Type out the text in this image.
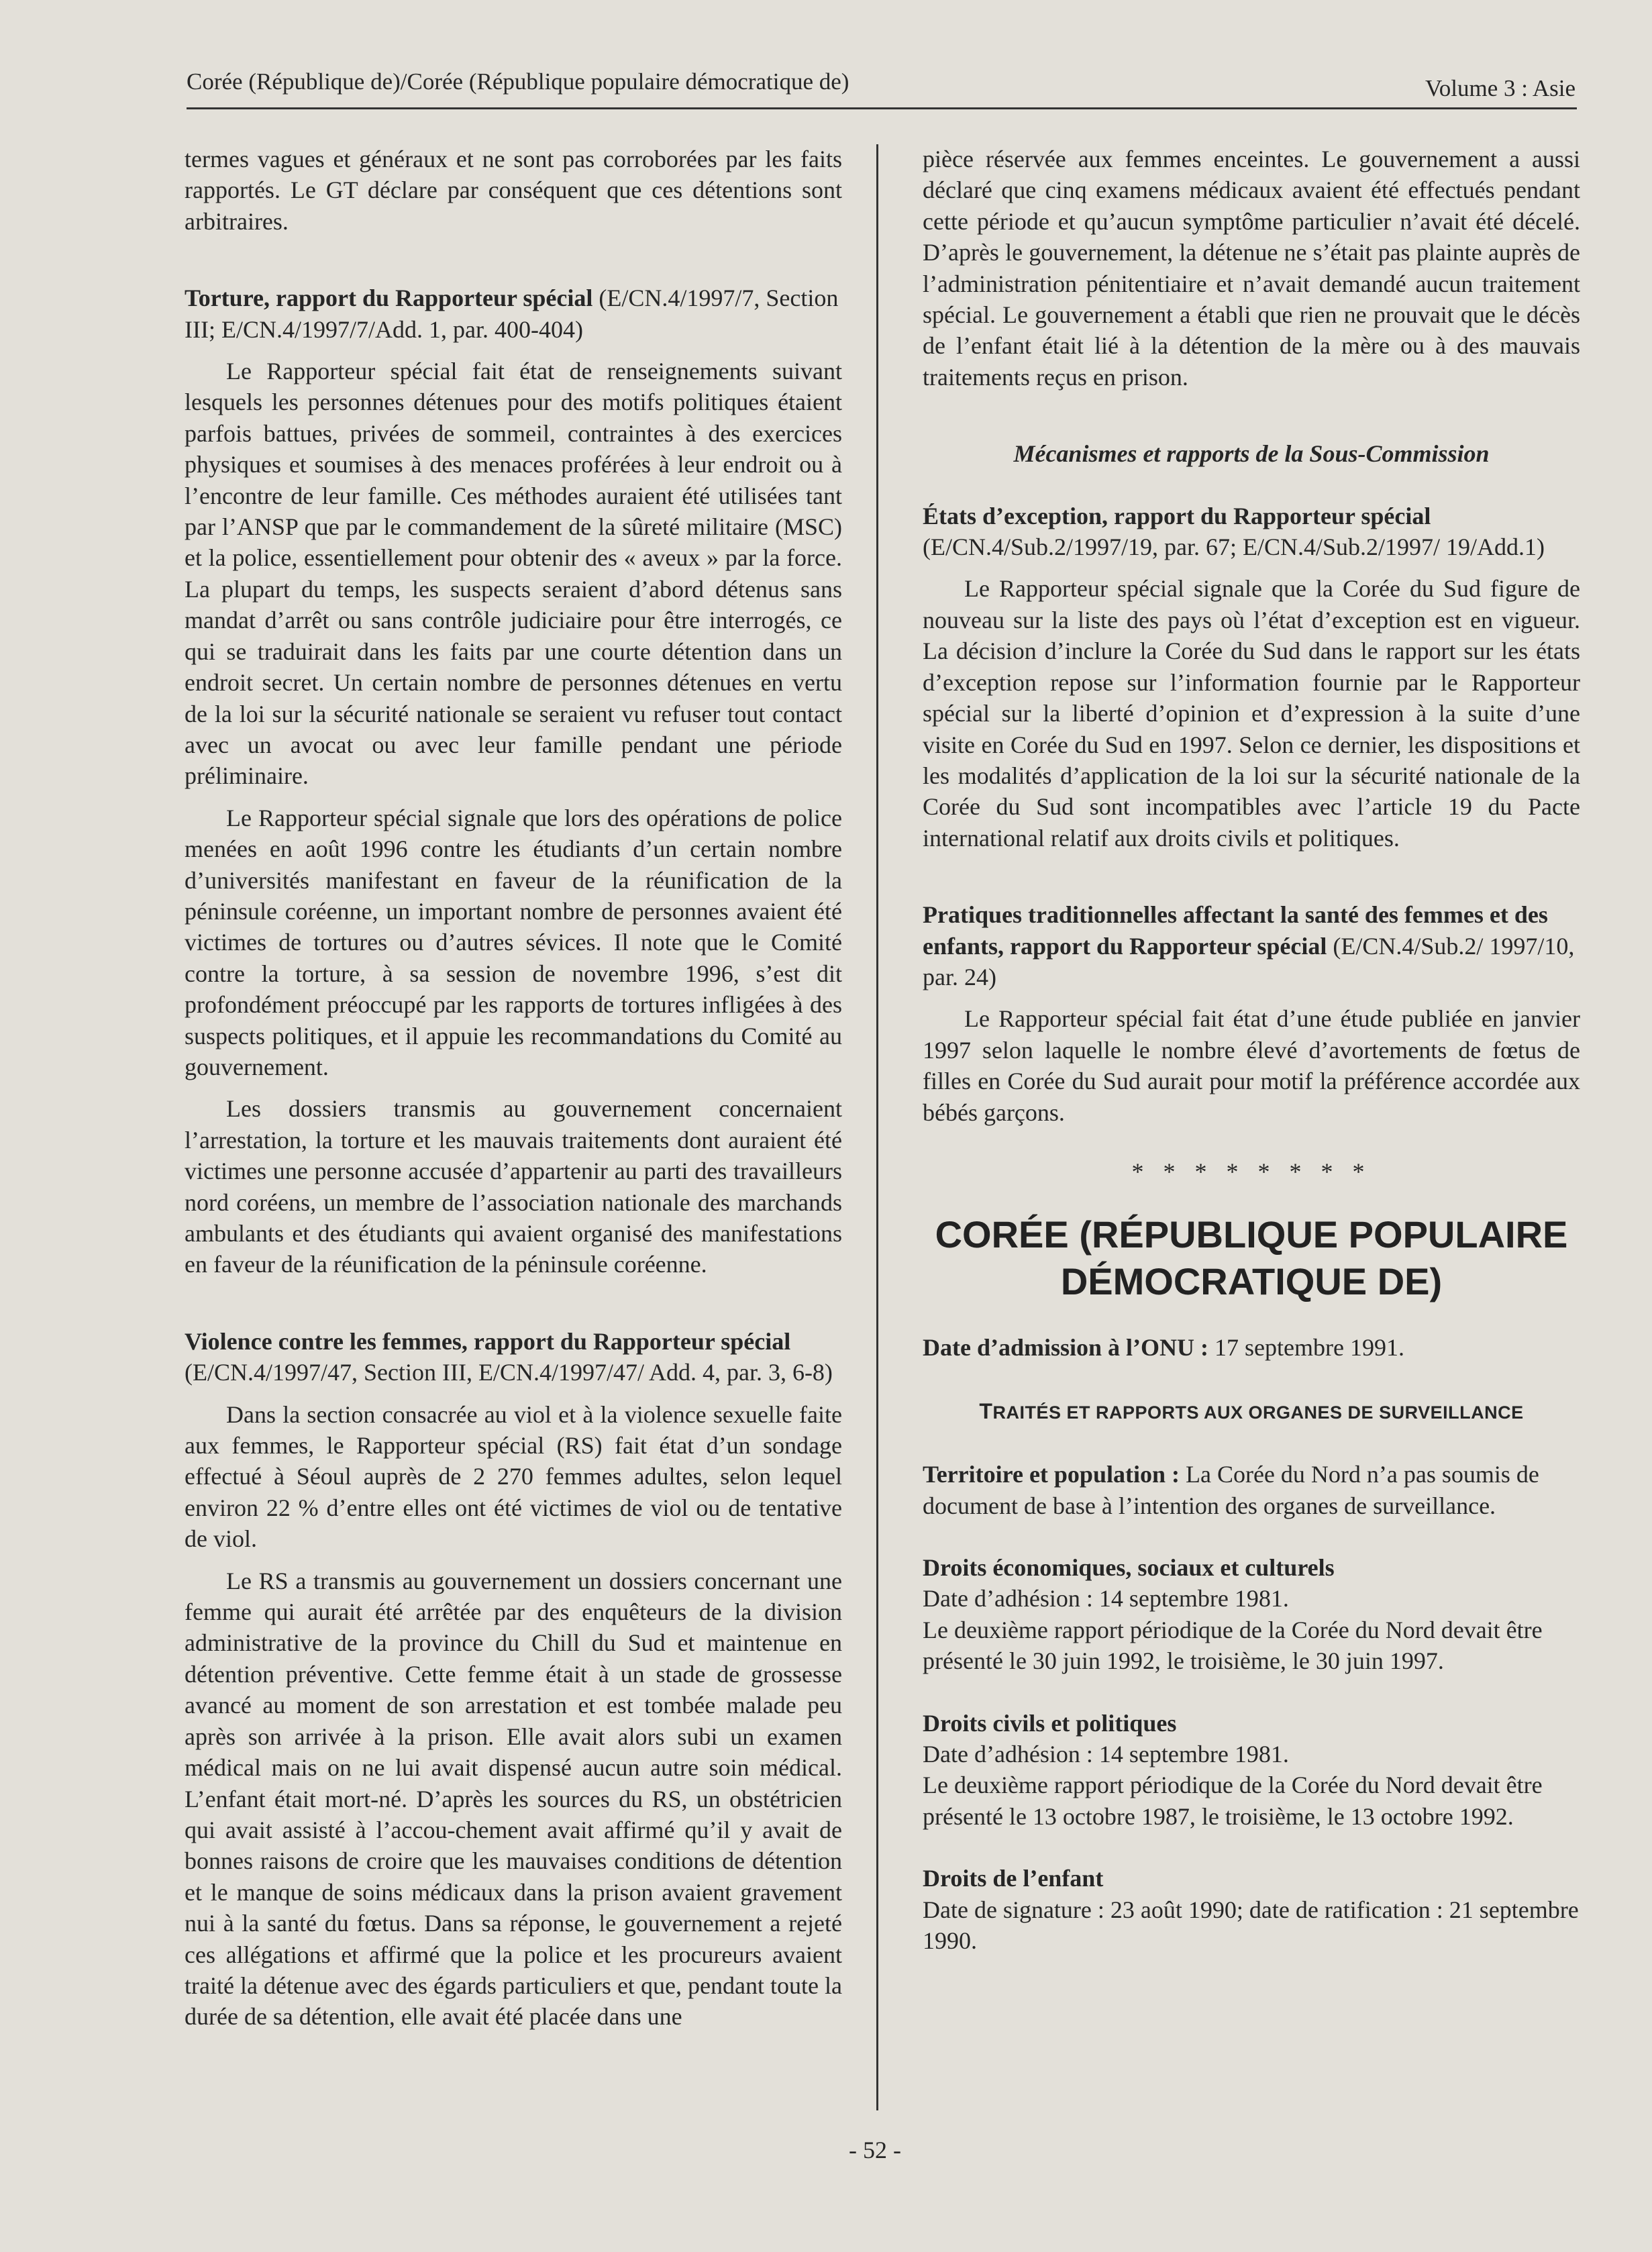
Corée (République de)/Corée (République populaire démocratique de)	Volume 3 : Asie

termes vagues et généraux et ne sont pas corroborées par les faits rapportés. Le GT déclare par conséquent que ces détentions sont arbitraires.

Torture, rapport du Rapporteur spécial (E/CN.4/1997/7, Section III; E/CN.4/1997/7/Add. 1, par. 400-404)

Le Rapporteur spécial fait état de renseignements suivant lesquels les personnes détenues pour des motifs politiques étaient parfois battues, privées de sommeil, contraintes à des exercices physiques et soumises à des menaces proférées à leur endroit ou à l’encontre de leur famille. Ces méthodes auraient été utilisées tant par l’ANSP que par le commandement de la sûreté militaire (MSC) et la police, essentiellement pour obtenir des « aveux » par la force. La plupart du temps, les suspects seraient d’abord détenus sans mandat d’arrêt ou sans contrôle judiciaire pour être interrogés, ce qui se traduirait dans les faits par une courte détention dans un endroit secret. Un certain nombre de personnes détenues en vertu de la loi sur la sécurité nationale se seraient vu refuser tout contact avec un avocat ou avec leur famille pendant une période préliminaire.

Le Rapporteur spécial signale que lors des opérations de police menées en août 1996 contre les étudiants d’un certain nombre d’universités manifestant en faveur de la réunification de la péninsule coréenne, un important nombre de personnes avaient été victimes de tortures ou d’autres sévices. Il note que le Comité contre la torture, à sa session de novembre 1996, s’est dit profondément préoccupé par les rapports de tortures infligées à des suspects politiques, et il appuie les recommandations du Comité au gouvernement.

Les dossiers transmis au gouvernement concernaient l’arrestation, la torture et les mauvais traitements dont auraient été victimes une personne accusée d’appartenir au parti des travailleurs nord coréens, un membre de l’association nationale des marchands ambulants et des étudiants qui avaient organisé des manifestations en faveur de la réunification de la péninsule coréenne.

Violence contre les femmes, rapport du Rapporteur spécial (E/CN.4/1997/47, Section III, E/CN.4/1997/47/ Add. 4, par. 3, 6-8)

Dans la section consacrée au viol et à la violence sexuelle faite aux femmes, le Rapporteur spécial (RS) fait état d’un sondage effectué à Séoul auprès de 2 270 femmes adultes, selon lequel environ 22 % d’entre elles ont été victimes de viol ou de tentative de viol.

Le RS a transmis au gouvernement un dossiers concernant une femme qui aurait été arrêtée par des enquêteurs de la division administrative de la province du Chill du Sud et maintenue en détention préventive. Cette femme était à un stade de grossesse avancé au moment de son arrestation et est tombée malade peu après son arrivée à la prison. Elle avait alors subi un examen médical mais on ne lui avait dispensé aucun autre soin médical. L’enfant était mort-né. D’après les sources du RS, un obstétricien qui avait assisté à l’accou-chement avait affirmé qu’il y avait de bonnes raisons de croire que les mauvaises conditions de détention et le manque de soins médicaux dans la prison avaient gravement nui à la santé du fœtus. Dans sa réponse, le gouvernement a rejeté ces allégations et affirmé que la police et les procureurs avaient traité la détenue avec des égards particuliers et que, pendant toute la durée de sa détention, elle avait été placée dans une

pièce réservée aux femmes enceintes. Le gouvernement a aussi déclaré que cinq examens médicaux avaient été effectués pendant cette période et qu’aucun symptôme particulier n’avait été décelé. D’après le gouvernement, la détenue ne s’était pas plainte auprès de l’administration pénitentiaire et n’avait demandé aucun traitement spécial. Le gouvernement a établi que rien ne prouvait que le décès de l’enfant était lié à la détention de la mère ou à des mauvais traitements reçus en prison.

Mécanismes et rapports de la Sous-Commission

États d’exception, rapport du Rapporteur spécial (E/CN.4/Sub.2/1997/19, par. 67; E/CN.4/Sub.2/1997/ 19/Add.1)

Le Rapporteur spécial signale que la Corée du Sud figure de nouveau sur la liste des pays où l’état d’exception est en vigueur. La décision d’inclure la Corée du Sud dans le rapport sur les états d’exception repose sur l’information fournie par le Rapporteur spécial sur la liberté d’opinion et d’expression à la suite d’une visite en Corée du Sud en 1997. Selon ce dernier, les dispositions et les modalités d’application de la loi sur la sécurité nationale de la Corée du Sud sont incompatibles avec l’article 19 du Pacte international relatif aux droits civils et politiques.

Pratiques traditionnelles affectant la santé des femmes et des enfants, rapport du Rapporteur spécial (E/CN.4/Sub.2/ 1997/10, par. 24)

Le Rapporteur spécial fait état d’une étude publiée en janvier 1997 selon laquelle le nombre élevé d’avortements de fœtus de filles en Corée du Sud aurait pour motif la préférence accordée aux bébés garçons.

* * * * * * * *

CORÉE (RÉPUBLIQUE POPULAIRE
DÉMOCRATIQUE DE)

Date d’admission à l’ONU : 17 septembre 1991.

TRAITÉS ET RAPPORTS AUX ORGANES DE SURVEILLANCE

Territoire et population : La Corée du Nord n’a pas soumis de document de base à l’intention des organes de surveillance.

Droits économiques, sociaux et culturels

Date d’adhésion : 14 septembre 1981.

Le deuxième rapport périodique de la Corée du Nord devait être présenté le 30 juin 1992, le troisième, le 30 juin 1997.

Droits civils et politiques

Date d’adhésion : 14 septembre 1981.

Le deuxième rapport périodique de la Corée du Nord devait être présenté le 13 octobre 1987, le troisième, le 13 octobre 1992.

Droits de l’enfant

Date de signature : 23 août 1990; date de ratification : 21 septembre 1990.

- 52 -
